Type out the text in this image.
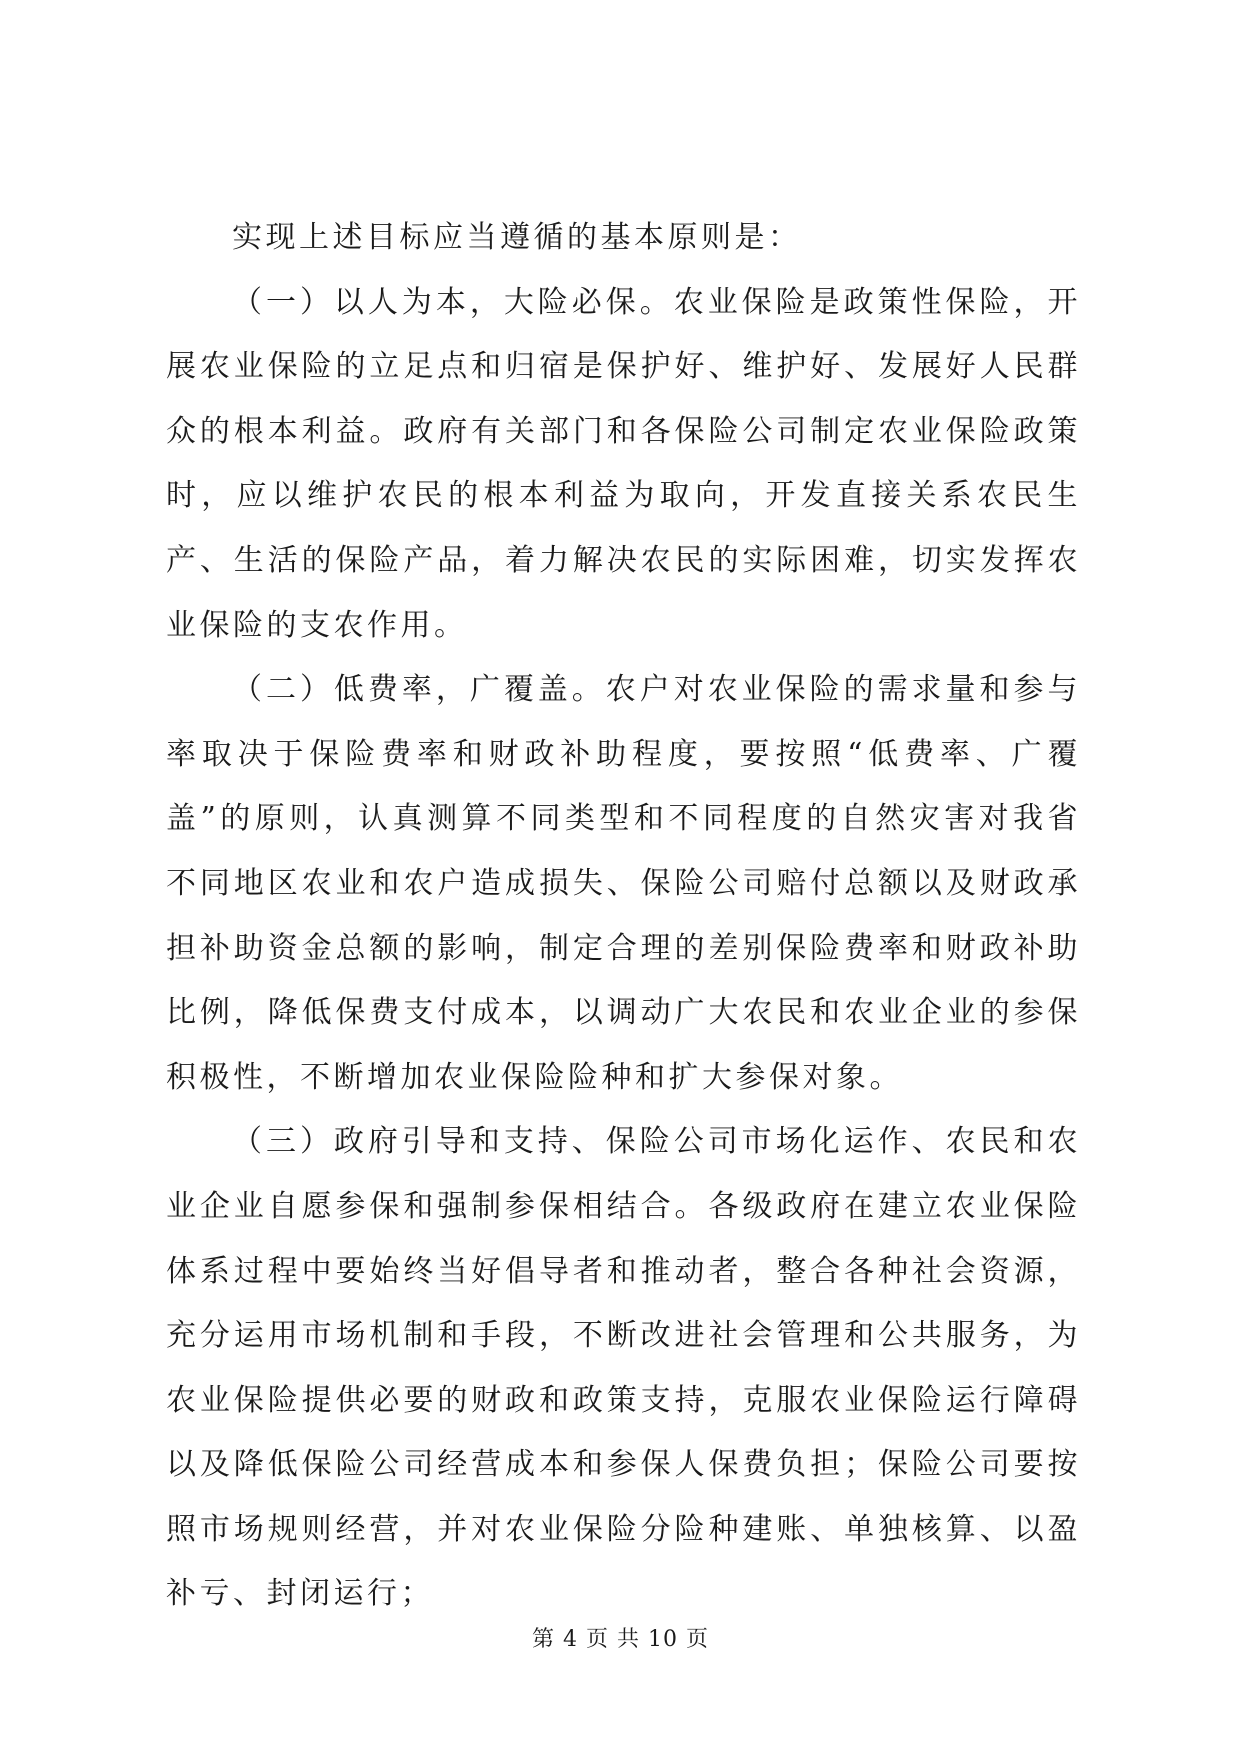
实现上述目标应当遵循的基本原则是：

（一）以人为本，大险必保。农业保险是政策性保险，开展农业保险的立足点和归宿是保护好、维护好、发展好人民群众的根本利益。政府有关部门和各保险公司制定农业保险政策时，应以维护农民的根本利益为取向，开发直接关系农民生产、生活的保险产品，着力解决农民的实际困难，切实发挥农业保险的支农作用。

（二）低费率，广覆盖。农户对农业保险的需求量和参与率取决于保险费率和财政补助程度，要按照“低费率、广覆盖”的原则，认真测算不同类型和不同程度的自然灾害对我省不同地区农业和农户造成损失、保险公司赔付总额以及财政承担补助资金总额的影响，制定合理的差别保险费率和财政补助比例，降低保费支付成本，以调动广大农民和农业企业的参保积极性，不断增加农业保险险种和扩大参保对象。

（三）政府引导和支持、保险公司市场化运作、农民和农业企业自愿参保和强制参保相结合。各级政府在建立农业保险体系过程中要始终当好倡导者和推动者，整合各种社会资源，充分运用市场机制和手段，不断改进社会管理和公共服务，为农业保险提供必要的财政和政策支持，克服农业保险运行障碍以及降低保险公司经营成本和参保人保费负担；保险公司要按照市场规则经营，并对农业保险分险种建账、单独核算、以盈补亏、封闭运行；

第 4 页 共 10 页
